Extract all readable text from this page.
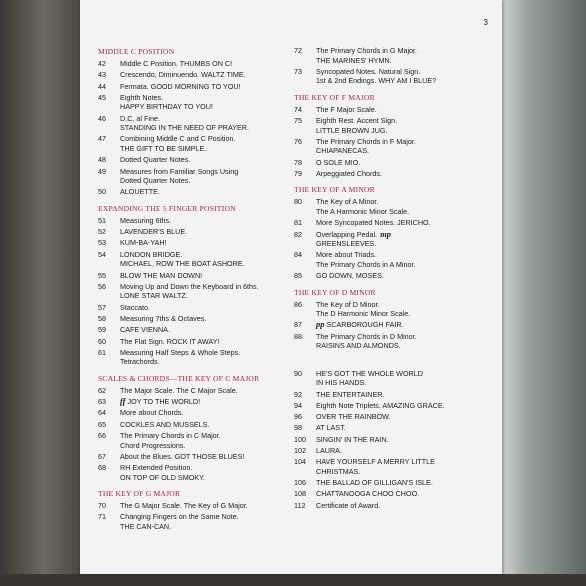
3
MIDDLE C POSITION
42	Middle C Position. THUMBS ON C!
43	Crescendo, Diminuendo. WALTZ TIME.
44	Fermata. GOOD MORNING TO YOU!
45	Eighth Notes.
HAPPY BIRTHDAY TO YOU!
46	D.C. al Fine.
STANDING IN THE NEED OF PRAYER.
47	Combining Middle C and C Position.
THE GIFT TO BE SIMPLE.
48	Dotted Quarter Notes.
49	Measures from Familiar Songs Using
Dotted Quarter Notes.
50	ALOUETTE.
EXPANDING THE 5 FINGER POSITION
51	Measuring 6ths.
52	LAVENDER'S BLUE.
53	KUM-BA-YAH!
54	LONDON BRIDGE.
MICHAEL, ROW THE BOAT ASHORE.
55	BLOW THE MAN DOWN!
56	Moving Up and Down the Keyboard in 6ths.
LONE STAR WALTZ.
57	Staccato.
58	Measuring 7ths & Octaves.
59	CAFE VIENNA.
60	The Flat Sign. ROCK IT AWAY!
61	Measuring Half Steps & Whole Steps.
Tetrachords.
SCALES & CHORDS—THE KEY OF C MAJOR
62	The Major Scale. The C Major Scale.
63	ff JOY TO THE WORLD!
64	More about Chords.
65	COCKLES AND MUSSELS.
66	The Primary Chords in C Major.
Chord Progressions.
67	About the Blues. GOT THOSE BLUES!
68	RH Extended Position.
ON TOP OF OLD SMOKY.
THE KEY OF G MAJOR
70	The G Major Scale. The Key of G Major.
71	Changing Fingers on the Same Note.
THE CAN-CAN.
72	The Primary Chords in G Major.
THE MARINES' HYMN.
73	Syncopated Notes. Natural Sign.
1st & 2nd Endings. WHY AM I BLUE?
THE KEY OF F MAJOR
74	The F Major Scale.
75	Eighth Rest. Accent Sign.
LITTLE BROWN JUG.
76	The Primary Chords in F Major.
CHIAPANECAS.
78	O SOLE MIO.
79	Arpeggiated Chords.
THE KEY OF A MINOR
80	The Key of A Minor.
The A Harmonic Minor Scale.
81	More Syncopated Notes. JERICHO.
82	Overlapping Pedal. mp
GREENSLEEVES.
84	More about Triads.
The Primary Chords in A Minor.
85	GO DOWN, MOSES.
THE KEY OF D MINOR
86	The Key of D Minor.
The D Harmonic Minor Scale.
87	pp SCARBOROUGH FAIR.
88	The Primary Chords in D Minor.
RAISINS AND ALMONDS.
90	HE'S GOT THE WHOLE WORLD
IN HIS HANDS.
92	THE ENTERTAINER.
94	Eighth Note Triplets. AMAZING GRACE.
96	OVER THE RAINBOW.
98	AT LAST.
100	SINGIN' IN THE RAIN.
102	LAURA.
104	HAVE YOURSELF A MERRY LITTLE
CHRISTMAS.
106	THE BALLAD OF GILLIGAN'S ISLE.
108	CHATTANOOGA CHOO CHOO.
112	Certificate of Award.
